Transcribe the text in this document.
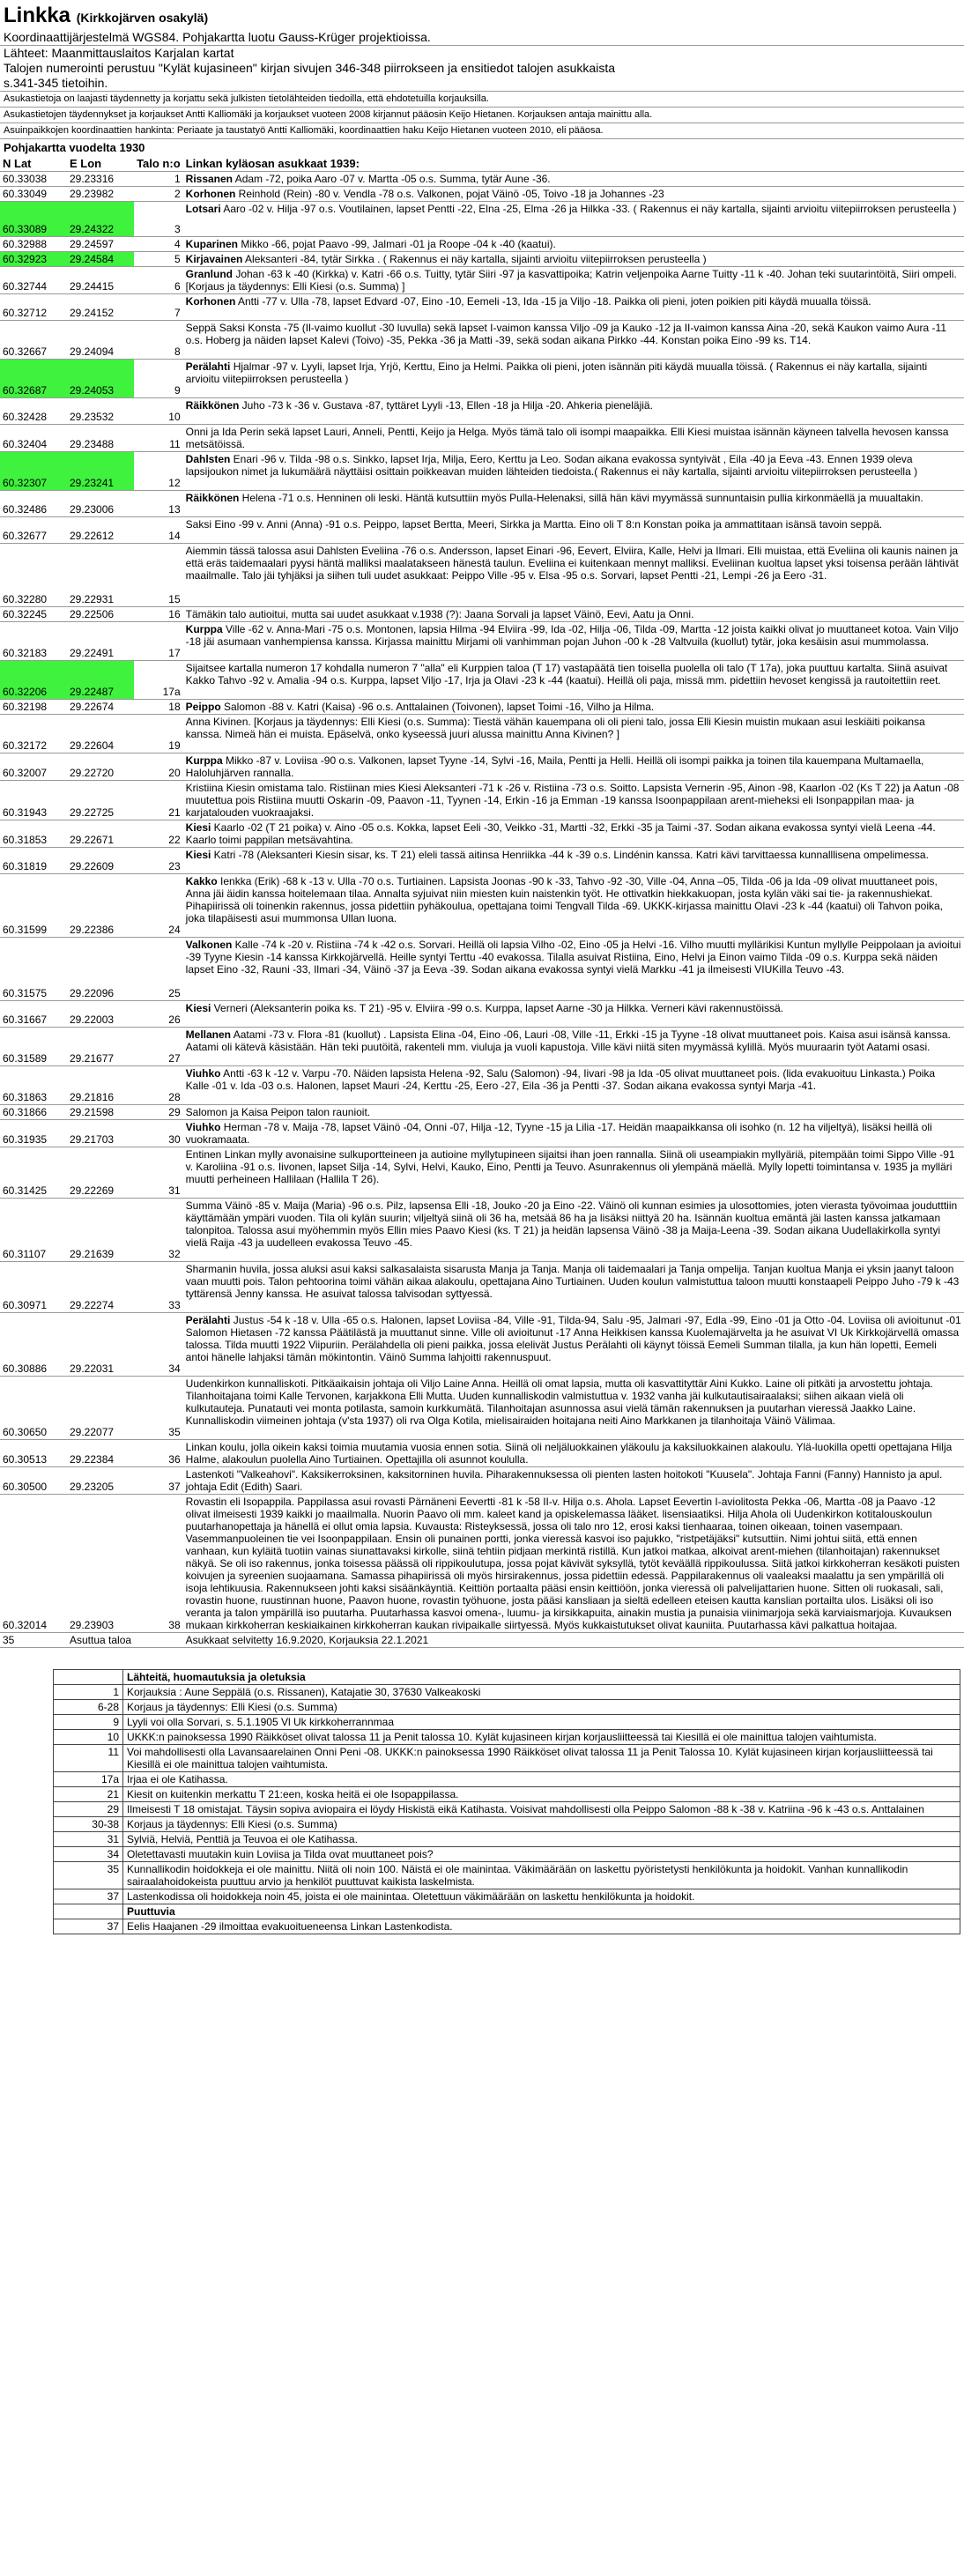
Linkka (Kirkkojärven osakylä)
Koordinaattijärjestelmä WGS84. Pohjakartta luotu Gauss-Krüger projektioissa.
Lähteet: Maanmittauslaitos Karjalan kartat
Talojen numerointi perustuu "Kylät kujasineen" kirjan sivujen 346-348 piirrokseen ja ensitiedot talojen asukkaista
s.341-345 tietoihin.
Asukastietoja on laajasti täydennetty ja korjattu sekä julkisten tietolähteiden tiedoilla, että ehdotetuilla korjauksilla.
Asukastietojen täydennykset ja korjaukset Antti Kalliomäki ja korjaukset vuoteen 2008 kirjannut pääosin Keijo Hietanen. Korjauksen antaja mainittu alla.
Asuinpaikkojen koordinaattien hankinta: Periaate ja taustatyö Antti Kalliomäki, koordinaattien haku Keijo Hietanen vuoteen 2010, eli pääosa.
Pohjakartta vuodelta 1930
N Lat	E Lon	Talo n:o	Linkan kyläosan asukkaat 1939:
60.33038	29.23316	1	Rissanen Adam -72, poika Aaro -07 v. Martta -05 o.s. Summa, tytär Aune -36.
60.33049	29.23982	2	Korhonen Reinhold (Rein) -80 v. Vendla -78 o.s. Valkonen, pojat Väinö -05, Toivo -18 ja Johannes -23
60.33089	29.24322	3	Lotsari Aaro -02 v. Hilja -97 o.s. Voutilainen, lapset Pentti -22, Elna -25, Elma -26 ja Hilkka -33. ( Rakennus ei näy kartalla, sijainti arvioitu viitepiirroksen perusteella )
60.32988	29.24597	4	Kuparinen Mikko -66, pojat Paavo -99, Jalmari -01 ja Roope -04 k -40 (kaatui).
60.32923	29.24584	5	Kirjavainen Aleksanteri -84, tytär Sirkka . ( Rakennus ei näy kartalla, sijainti arvioitu viitepiirroksen perusteella )
60.32744	29.24415	6	Granlund Johan -63 k -40 (Kirkka) v. Katri -66 o.s. Tuitty, tytär Siiri -97 ja kasvattipoika; Katrin veljenpoika Aarne Tuitty -11 k -40. Johan teki suutarintöitä, Siiri ompeli. [Korjaus ja täydennys: Elli Kiesi (o.s. Summa) ]
60.32712	29.24152	7	Korhonen Antti -77 v. Ulla -78, lapset Edvard -07, Eino -10, Eemeli -13, Ida -15 ja Viljo -18. Paikka oli pieni, joten poikien piti käydä muualla töissä.
60.32667	29.24094	8	Seppä Saksi Konsta -75 (Il-vaimo kuollut -30 luvulla) sekä lapset I-vaimon kanssa Viljo -09 ja Kauko -12 ja II-vaimon kanssa Aina -20, sekä Kaukon vaimo Aura -11 o.s. Hoberg ja näiden lapset Kalevi (Toivo) -35, Pekka -36 ja Matti -39, sekä sodan aikana Pirkko -44. Konstan poika Eino -99 ks. T14.
60.32687	29.24053	9	Perälahti Hjalmar -97 v. Lyyli, lapset Irja, Yrjö, Kerttu, Eino ja Helmi. Paikka oli pieni, joten isännän piti käydä muualla töissä. ( Rakennus ei näy kartalla, sijainti arvioitu viitepiirroksen perusteella )
60.32428	29.23532	10	Räikkönen Juho -73 k -36 v. Gustava -87, tyttäret Lyyli -13, Ellen -18 ja Hilja -20. Ahkeria pieneläjiä.
60.32404	29.23488	11	Onni ja Ida Perin sekä lapset Lauri, Anneli, Pentti, Keijo ja Helga. Myös tämä talo oli isompi maapaikka. Elli Kiesi muistaa isännän käyneen talvella hevosen kanssa metsätöissä.
60.32307	29.23241	12	Dahlsten Enari -96 v. Tilda -98 o.s. Sinkko, lapset Irja, Milja, Eero, Kerttu ja Leo. Sodan aikana evakossa syntyivät , Eila -40 ja Eeva -43. Ennen 1939 oleva lapsijoukon nimet ja lukumäärä näyttäisi osittain poikkeavan muiden lähteiden tiedoista.( Rakennus ei näy kartalla, sijainti arvioitu viitepiirroksen perusteella )
60.32486	29.23006	13	Räikkönen Helena -71 o.s. Henninen oli leski. Häntä kutsuttiin myös Pulla-Helenaksi, sillä hän kävi myymässä sunnuntaisin pullia kirkonmäellä ja muualtakin.
60.32677	29.22612	14	Saksi Eino -99 v. Anni (Anna) -91 o.s. Peippo, lapset Bertta, Meeri, Sirkka ja Martta. Eino oli T 8:n Konstan poika ja ammattitaan isänsä tavoin seppä.
60.32280	29.22931	15	Aiemmin tässä talossa asui Dahlsten Eveliina -76 o.s. Andersson, lapset Einari -96, Eevert, Elviira, Kalle, Helvi ja Ilmari. Elli muistaa, että Eveliina oli kaunis nainen ja että eräs taidemaalari pyysi häntä malliksi maalatakseen hänestä taulun. Eveliina ei kuitenkaan mennyt malliksi. Eveliinan kuoltua lapset yksi toisensa perään lähtivät maailmalle. Talo jäi tyhjäksi ja siihen tuli uudet asukkaat: Peippo Ville -95 v. Elsa -95 o.s. Sorvari, lapset Pentti -21, Lempi -26 ja Eero -31.
60.32245	29.22506	16	Tämäkin talo autioitui, mutta sai uudet asukkaat v.1938 (?): Jaana Sorvali ja lapset Väinö, Eevi, Aatu ja Onni.
60.32183	29.22491	17	Kurppa Ville -62 v. Anna-Mari -75 o.s. Montonen, lapsia Hilma -94 Elviira -99, Ida -02, Hilja -06, Tilda -09, Martta -12 joista kaikki olivat jo muuttaneet kotoa. Vain Viljo -18 jäi asumaan vanhempiensa kanssa. Kirjassa mainittu Mirjami oli vanhimman pojan Juhon -00 k -28 Valtvuila (kuollut) tytär, joka kesäisin asui mummolassa.
60.32206	29.22487	17a	Sijaitsee kartalla numeron 17 kohdalla numeron 7 "alla" eli Kurppien taloa (T 17) vastapäätä tien toisella puolella oli talo (T 17a), joka puuttuu kartalta. Siinä asuivat Kakko Tahvo -92 v. Amalia -94 o.s. Kurppa, lapset Viljo -17, Irja ja Olavi -23 k -44 (kaatui). Heillä oli paja, missä mm. pidettiin hevoset kengissä ja rautoitettiin reet.
60.32198	29.22674	18	Peippo Salomon -88 v. Katri (Kaisa) -96 o.s. Anttalainen (Toivonen), lapset Toimi -16, Vilho ja Hilma.
60.32172	29.22604	19	Anna Kivinen. [Korjaus ja täydennys: Elli Kiesi (o.s. Summa): Tiestä vähän kauempana oli oli pieni talo, jossa Elli Kiesin muistin mukaan asui leskiäiti poikansa kanssa. Nimeä hän ei muista. Epäselvä, onko kyseessä juuri alussa mainittu Anna Kivinen? ]
60.32007	29.22720	20	Kurppa Mikko -87 v. Loviisa -90 o.s. Valkonen, lapset Tyyne -14, Sylvi -16, Maila, Pentti ja Helli. Heillä oli isompi paikka ja toinen tila kauempana Multamaella, Haloluhjärven rannalla.
60.31943	29.22725	21	Kristiina Kiesin omistama talo. Ristiinan mies Kiesi Aleksanteri -71 k -26 v. Ristiina -73 o.s. Soitto. Lapsista Vernerin -95, Ainon -98, Kaarlon -02 (Ks T 22) ja Aatun -08 muutettua pois Ristiina muutti Oskarin -09, Paavon -11, Tyynen -14, Erkin -16 ja Emman -19 kanssa Isoonpappilaan arent-mieheksi eli Isonpappilan maa- ja karjatalouden vuokraajaksi.
60.31853	29.22671	22	Kiesi Kaarlo -02 (T 21 poika) v. Aino -05 o.s. Kokka, lapset Eeli -30, Veikko -31, Martti -32, Erkki -35 ja Taimi -37. Sodan aikana evakossa syntyi vielä Leena -44. Kaarlo toimi pappilan metsävahtina.
60.31819	29.22609	23	Kiesi Katri -78 (Aleksanteri Kiesin sisar, ks. T 21) eleli tassä aitinsa Henriikka -44 k -39 o.s. Lindénin kanssa. Katri kävi tarvittaessa kunnalllisena ompelimessa.
60.31599	29.22386	24	Kakko Ienkka (Erik) -68 k -13 v. Ulla -70 o.s. Turtiainen. Lapsista Joonas -90 k -33, Tahvo -92 -30, Ville -04, Anna –05, Tilda -06 ja Ida -09 olivat muuttaneet pois, Anna jäi äidin kanssa hoitelemaan tilaa. Annalta syjuivat niin miesten kuin naistenkin työt. He ottivatkin hiekkakuopan, josta kylän väki sai tie- ja rakennushiekat. Pihapiirissä oli toinenkin rakennus, jossa pidettiin pyhäkoulua, opettajana toimi Tengvall Tilda -69. UKKK-kirjassa mainittu Olavi -23 k -44 (kaatui) oli Tahvon poika, joka tilapäisesti asui mummonsa Ullan luona.
60.31575	29.22096	25	Valkonen Kalle -74 k -20 v. Ristiina -74 k -42 o.s. Sorvari. Heillä oli lapsia Vilho -02, Eino -05 ja Helvi -16. Vilho muutti myllärikisi Kuntun myllylle Peippolaan ja avioitui -39 Tyyne Kiesin -14 kanssa Kirkkojärvellä. Heille syntyi Terttu -40 evakossa. Tilalla asuivat Ristiina, Eino, Helvi ja Einon vaimo Tilda -09 o.s. Kurppa sekä näiden lapset Eino -32, Rauni -33, Ilmari -34, Väinö -37 ja Eeva -39. Sodan aikana evakossa syntyi vielä Markku -41 ja ilmeisesti VIUKilla Teuvo -43.
60.31667	29.22003	26	Kiesi Verneri (Aleksanterin poika ks. T 21) -95 v. Elviira -99 o.s. Kurppa, lapset Aarne -30 ja Hilkka. Verneri kävi rakennustöissä.
60.31589	29.21677	27	Mellanen Aatami -73 v. Flora -81 (kuollut) . Lapsista Elina -04, Eino -06, Lauri -08, Ville -11, Erkki -15 ja Tyyne -18 olivat muuttaneet pois. Kaisa asui isänsä kanssa. Aatami oli kätevä käsistään. Hän teki puutöitä, rakenteli mm. viuluja ja vuoli kapustoja. Ville kävi niitä siten myymässä kylillä. Myös muuraarin työt Aatami osasi.
60.31863	29.21816	28	Viuhko Antti -63 k -12 v. Varpu -70. Näiden lapsista Helena -92, Salu (Salomon) -94, Iivari -98 ja Ida -05 olivat muuttaneet pois. (lida evakuoituu Linkasta.) Poika Kalle -01 v. Ida -03 o.s. Halonen, lapset Mauri -24, Kerttu -25, Eero -27, Eila -36 ja Pentti -37. Sodan aikana evakossa syntyi Marja -41.
60.31866	29.21598	29	Salomon ja Kaisa Peipon talon raunioit.
60.31935	29.21703	30	Viuhko Herman -78 v. Maija -78, lapset Väinö -04, Onni -07, Hilja -12, Tyyne -15 ja Lilia -17. Heidän maapaikkansa oli isohko (n. 12 ha viljeltyä), lisäksi heillä oli vuokramaata.
60.31425	29.22269	31	Entinen Linkan mylly avonaisine sulkuportteineen ja autioine myllytupineen sijaitsi ihan joen rannalla. Siinä oli useampiakin myllyäriä, pitempään toimi Sippo Ville -91 v. Karoliina -91 o.s. Iivonen, lapset Silja -14, Sylvi, Helvi, Kauko, Eino, Pentti ja Teuvo. Asunrakennus oli ylempänä mäellä. Mylly lopetti toimintansa v. 1935 ja mylläri muutti perheineen Hallilaan (Hallila T 26).
60.31107	29.21639	32	Summa Väinö -85 v. Maija (Maria) -96 o.s. Pilz, lapsensa Elli -18, Jouko -20 ja Eino -22. Väinö oli kunnan esimies ja ulosottomies, joten vierasta työvoimaa joudutttiin käyttämään ympäri vuoden. Tila oli kylän suurin; viljeltyä siinä oli 36 ha, metsää 86 ha ja lisäksi niittyä 20 ha. Isännän kuoltua emäntä jäi lasten kanssa jatkamaan talonpitoa. Talossa asui myöhemmin myös Ellin mies Paavo Kiesi (ks. T 21) ja heidän lapsensa Väinö -38 ja Maija-Leena -39. Sodan aikana Uudellakirkolla syntyi vielä Raija -43 ja uudelleen evakossa Teuvo -45.
60.30971	29.22274	33	Sharmanin huvila, jossa aluksi asui kaksi salkasalaista sisarusta Manja ja Tanja. Manja oli taidemaalari ja Tanja ompelija. Tanjan kuoltua Manja ei yksin jaanyt taloon vaan muutti pois. Talon pehtoorina toimi vähän aikaa alakoulu, opettajana Aino Turtiainen. Uuden koulun valmistuttua taloon muutti konstaapeli Peippo Juho -79 k -43 tyttärensä Jenny kanssa. He asuivat talossa talvisodan syttyessä.
60.30886	29.22031	34	Perälahti Justus -54 k -18 v. Ulla -65 o.s. Halonen, lapset Loviisa -84, Ville -91, Tilda-94, Salu -95, Jalmari -97, Edla -99, Eino -01 ja Otto -04. Loviisa oli avioitunut -01 Salomon Hietasen -72 kanssa Päätilästä ja muuttanut sinne. Ville oli avioitunut -17 Anna Heikkisen kanssa Kuolemajärvelta ja he asuivat VI Uk Kirkkojärvellä omassa talossa. Tilda muutti 1922 Viipuriin. Perälahdella oli pieni paikka, jossa elelivät Justus Perälahti oli käynyt töissä Eemeli Summan tilalla, ja kun hän lopetti, Eemeli antoi hänelle lahjaksi tämän mökintontin. Väinö Summa lahjoitti rakennuspuut.
60.30650	29.22077	35	Uudenkirkon kunnalliskoti. Pitkäaikaisin johtaja oli Viljo Laine Anna. Heillä oli omat lapsia, mutta oli kasvattityttär Aini Kukko. Laine oli pitkäti ja arvostettu johtaja. Tilanhoitajana toimi Kalle Tervonen, karjakkona Elli Mutta. Uuden kunnalliskodin valmistuttua v. 1932 vanha jäi kulkutautisairaalaksi; siihen aikaan vielä oli kulkutauteja. Punatauti vei monta potilasta, samoin kurkkumätä. Tilanhoitajan asunnossa asui vielä tämän rakennuksen ja puutarhan vieressä Jaakko Laine. Kunnalliskodin viimeinen johtaja (v'sta 1937) oli rva Olga Kotila, mielisairaiden hoitajana neiti Aino Markkanen ja tilanhoitaja Väinö Välimaa.
60.30513	29.22384	36	Linkan koulu, jolla oikein kaksi toimia muutamia vuosia ennen sotia. Siinä oli neljäluokkainen yläkoulu ja kaksiluokkainen alakoulu. Ylä-luokilla opetti opettajana Hilja Halme, alakoulun puolella Aino Turtiainen. Opettajilla oli asunnot koululla.
60.30500	29.23205	37	Lastenkoti "Valkeahovi". Kaksikerroksinen, kaksitorninen huvila. Piharakennuksessa oli pienten lasten hoitokoti "Kuusela". Johtaja Fanni (Fanny) Hannisto ja apul. johtaja Edit (Edith) Saari.
60.32014	29.23903	38	Rovastin eli Isopappila. Pappilassa asui rovasti Pärnäneni Eevertti -81 k -58 II-v. Hilja o.s. Ahola. Lapset Eevertin I-aviolitosta Pekka -06, Martta -08 ja Paavo -12 olivat ilmeisesti 1939 kaikki jo maailmalla. Nuorin Paavo oli mm. kaleet kand ja opiskelemassa lääket. lisensiaatiksi. Hilja Ahola oli Uudenkirkon kotitalouskoulun puutarhanopettaja ja hänellä ei ollut omia lapsia. Kuvausta: Risteyksessä, jossa oli talo nro 12, erosi kaksi tienhaaraa, toinen oikeaan, toinen vasempaan. Vasemmanpuoleinen tie vei Isoonpappilaan. Ensin oli punainen portti, jonka vieressä kasvoi iso pajukko, "ristpetäjäksi" kutsuttiin. Nimi johtui siitä, että ennen vanhaan, kun kyläitä tuotiin vainas siunattavaksi kirkolle, siinä tehtiin pidjaan merkintä ristillä. Kun jatkoi matkaa, alkoivat arent-miehen (tilanhoitajan) rakennukset näkyä. Se oli iso rakennus, jonka toisessa päässä oli rippikoulutupa, jossa pojat kävivät syksyllä, tytöt keväällä rippikoulussa. Siitä jatkoi kirkkoherran kesäkoti puisten koivujen ja syreenien suojaamana. Samassa pihapiirissä oli myös hirsirakennus, jossa pidettiin edessä. Pappilarakennus oli vaaleaksi maalattu ja sen ympärillä oli isoja lehtikuusia. Rakennukseen johti kaksi sisäänkäyntiä. Keittiön portaalta pääsi ensin keittiöön, jonka vieressä oli palvelijattarien huone. Sitten oli ruokasali, sali, rovastin huone, ruustinnan huone, Paavon huone, rovastin työhuone, josta pääsi kansliaan ja sieltä edelleen eteisen kautta kanslian portailta ulos. Lisäksi oli iso veranta ja talon ympärillä iso puutarha. Puutarhassa kasvoi omena-, luumu- ja kirsikkapuita, ainakin mustia ja punaisia viinimarjoja sekä karviaismarjoja. Kuvauksen mukaan kirkkoherran keskiaikainen kirkkoherran kaukan rivipaikalle siirtyessä. Myös kukkaistutukset olivat kauniita. Puutarhassa kävi palkattua hoitajaa.
35	Asuttua taloa		Asukkaat selvitetty 16.9.2020, Korjauksia 22.1.2021
	Lähteitä, huomautuksia ja oletuksia
1	Korjauksia : Aune Seppälä (o.s. Rissanen), Katajatie 30, 37630 Valkeakoski
6-28	Korjaus ja täydennys: Elli Kiesi (o.s. Summa)
9	Lyyli voi olla Sorvari, s. 5.1.1905 Vl Uk kirkkoherrannmaa
10	UKKK:n painoksessa 1990 Räikköset olivat talossa 11 ja Penit talossa 10. Kylät kujasineen kirjan korjausliitteessä tai Kiesillä ei ole mainittua talojen vaihtumista.
11	Voi mahdollisesti olla Lavansaarelainen Onni Peni -08. UKKK:n painoksessa 1990 Räikköset olivat talossa 11 ja Penit Talossa 10. Kylät kujasineen kirjan korjausliitteessä tai Kiesillä ei ole mainittua talojen vaihtumista.
17a	Irjaa ei ole Katihassa.
21	Kiesit on kuitenkin merkattu T 21:een, koska heitä ei ole Isopappilassa.
29	Ilmeisesti T 18 omistajat. Täysin sopiva aviopaira ei löydy Hiskistä eikä Katihasta. Voisivat mahdollisesti olla Peippo Salomon -88 k -38 v. Katriina -96 k -43 o.s. Anttalainen
30-38	Korjaus ja täydennys: Elli Kiesi (o.s. Summa)
31	Sylviä, Helviä, Penttiä ja Teuvoa ei ole Katihassa.
34	Oletettavasti muutakin kuin Loviisa ja Tilda ovat muuttaneet pois?
35	Kunnallikodin hoidokkeja ei ole mainittu. Niitä oli noin 100. Näistä ei ole mainintaa. Väkimäärään on laskettu pyöristetysti henkilökunta ja hoidokit. Vanhan kunnallikodin sairaalahoidokeista puuttuu arvio ja henkilöt puuttuvat kaikista laskelmista.
37	Lastenkodissa oli hoidokkeja noin 45, joista ei ole mainintaa. Oletettuun väkimäärään on laskettu henkilökunta ja hoidokit.
	Puuttuvia
37	Eelis Haajanen -29 ilmoittaa evakuoitueneensa Linkan Lastenkodista.
